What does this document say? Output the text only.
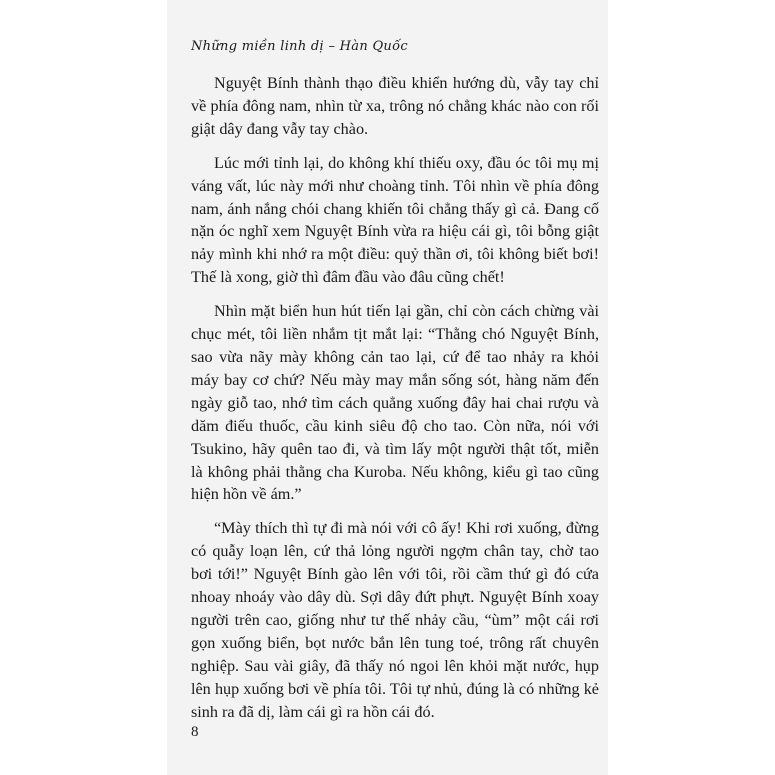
Những miền linh dị – Hàn Quốc

Nguyệt Bính thành thạo điều khiển hướng dù, vẫy tay chỉ về phía đông nam, nhìn từ xa, trông nó chẳng khác nào con rối giật dây đang vẫy tay chào.

Lúc mới tỉnh lại, do không khí thiếu oxy, đầu óc tôi mụ mị váng vất, lúc này mới như choàng tỉnh. Tôi nhìn về phía đông nam, ánh nắng chói chang khiến tôi chẳng thấy gì cả. Đang cố nặn óc nghĩ xem Nguyệt Bính vừa ra hiệu cái gì, tôi bỗng giật nảy mình khi nhớ ra một điều: quỷ thần ơi, tôi không biết bơi! Thế là xong, giờ thì đâm đầu vào đâu cũng chết!

Nhìn mặt biển hun hút tiến lại gần, chỉ còn cách chừng vài chục mét, tôi liền nhắm tịt mắt lại: “Thằng chó Nguyệt Bính, sao vừa nãy mày không cản tao lại, cứ để tao nhảy ra khỏi máy bay cơ chứ? Nếu mày may mắn sống sót, hàng năm đến ngày giỗ tao, nhớ tìm cách quẳng xuống đây hai chai rượu và dăm điếu thuốc, cầu kinh siêu độ cho tao. Còn nữa, nói với Tsukino, hãy quên tao đi, và tìm lấy một người thật tốt, miễn là không phải thằng cha Kuroba. Nếu không, kiểu gì tao cũng hiện hồn về ám.”

“Mày thích thì tự đi mà nói với cô ấy! Khi rơi xuống, đừng có quẫy loạn lên, cứ thả lỏng người ngợm chân tay, chờ tao bơi tới!” Nguyệt Bính gào lên với tôi, rồi cầm thứ gì đó cứa nhoay nhoáy vào dây dù. Sợi dây đứt phựt. Nguyệt Bính xoay người trên cao, giống như tư thế nhảy cầu, “ùm” một cái rơi gọn xuống biển, bọt nước bắn lên tung toé, trông rất chuyên nghiệp. Sau vài giây, đã thấy nó ngoi lên khỏi mặt nước, hụp lên hụp xuống bơi về phía tôi. Tôi tự nhủ, đúng là có những kẻ sinh ra đã dị, làm cái gì ra hồn cái đó.

8
